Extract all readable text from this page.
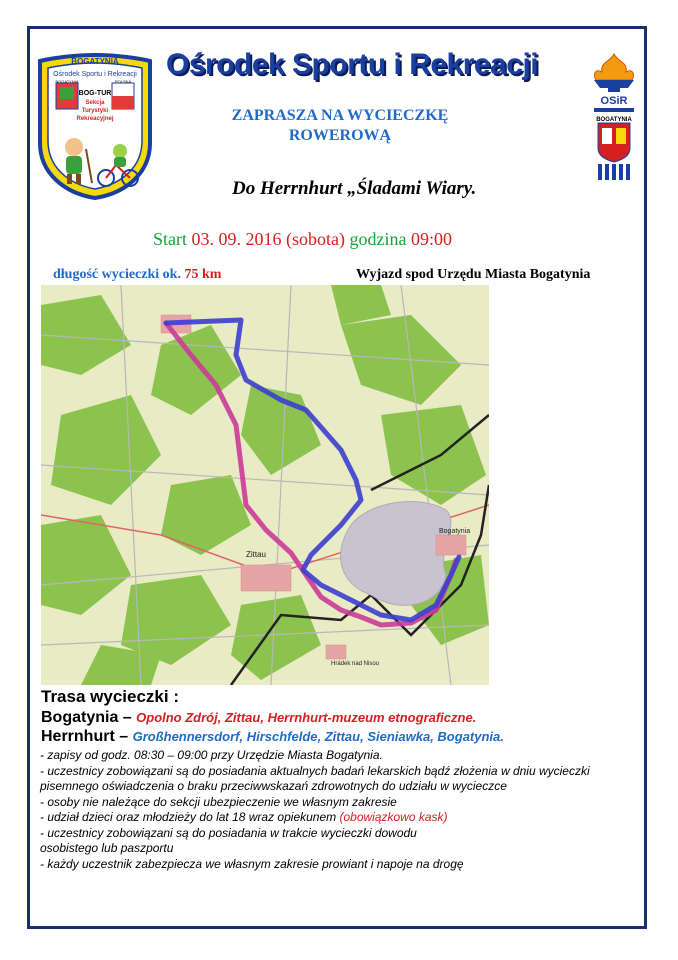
BOGATYNIA
Ośrodek Sportu i Rekreacji
BOGATYNIA	POLSKA
BOG-TUR
Sekcja
Turystyki
Rekreacyjnej
OSiR
BOGATYNIA
Ośrodek Sportu i Rekreacji
ZAPRASZA NA WYCIECZKĘ
ROWEROWĄ
Do Herrnhurt „Śladami Wiary.
Start 03. 09. 2016 (sobota) godzina 09:00
długość wycieczki ok. 75 km	Wyjazd spod Urzędu Miasta Bogatynia
Zittau
Bogatynia
Hrádek nad Nisou
Trasa wycieczki :
Bogatynia – Opolno Zdrój, Zittau, Herrnhurt-muzeum etnograficzne.
Herrnhurt – Großhennersdorf, Hirschfelde, Zittau, Sieniawka, Bogatynia.
- zapisy od godz. 08:30 – 09:00 przy Urzędzie Miasta Bogatynia.
- uczestnicy zobowiązani są do posiadania aktualnych badań lekarskich bądź złożenia w dniu wycieczki
pisemnego oświadczenia o braku przeciwwskazań zdrowotnych do udziału w wycieczce
- osoby nie należące do sekcji ubezpieczenie we własnym zakresie
- udział dzieci oraz młodzieży do lat 18 wraz opiekunem (obowiązkowo kask)
- uczestnicy zobowiązani są do posiadania w trakcie wycieczki dowodu
osobistego lub paszportu
- każdy uczestnik zabezpiecza we własnym zakresie prowiant i napoje na drogę
